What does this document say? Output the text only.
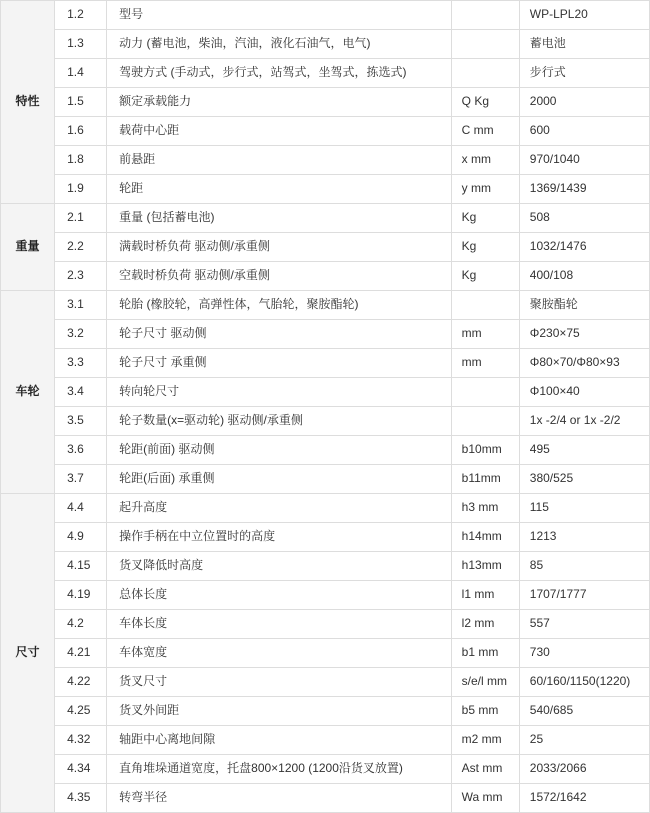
特性	1.2	型号		WP-LPL20
	1.3	动力 (蓄电池，柴油，汽油，液化石油气，电气)		蓄电池
	1.4	驾驶方式 (手动式，步行式，站驾式，坐驾式，拣选式)		步行式
	1.5	额定承载能力	Q Kg	2000
	1.6	载荷中心距	C mm	600
	1.8	前悬距	x mm	970/1040
	1.9	轮距	y mm	1369/1439
重量	2.1	重量 (包括蓄电池)	Kg	508
	2.2	满载时桥负荷 驱动侧/承重侧	Kg	1032/1476
	2.3	空载时桥负荷 驱动侧/承重侧	Kg	400/108
车轮	3.1	轮胎 (橡胶轮，高弹性体，气胎轮，聚胺酯轮)		聚胺酯轮
	3.2	轮子尺寸 驱动侧	mm	Φ230×75
	3.3	轮子尺寸 承重侧	mm	Φ80×70/Φ80×93
	3.4	转向轮尺寸		Φ100×40
	3.5	轮子数量(x=驱动轮) 驱动侧/承重侧		1x -2/4 or 1x -2/2
	3.6	轮距(前面) 驱动侧	b10mm	495
	3.7	轮距(后面) 承重侧	b11mm	380/525
尺寸	4.4	起升高度	h3 mm	115
	4.9	操作手柄在中立位置时的高度	h14mm	1213
	4.15	货叉降低时高度	h13mm	85
	4.19	总体长度	l1 mm	1707/1777
	4.2	车体长度	l2 mm	557
	4.21	车体宽度	b1 mm	730
	4.22	货叉尺寸	s/e/l mm	60/160/1150(1220)
	4.25	货叉外间距	b5 mm	540/685
	4.32	轴距中心离地间隙	m2 mm	25
	4.34	直角堆垛通道宽度，托盘800×1200 (1200沿货叉放置)	Ast mm	2033/2066
	4.35	转弯半径	Wa mm	1572/1642
